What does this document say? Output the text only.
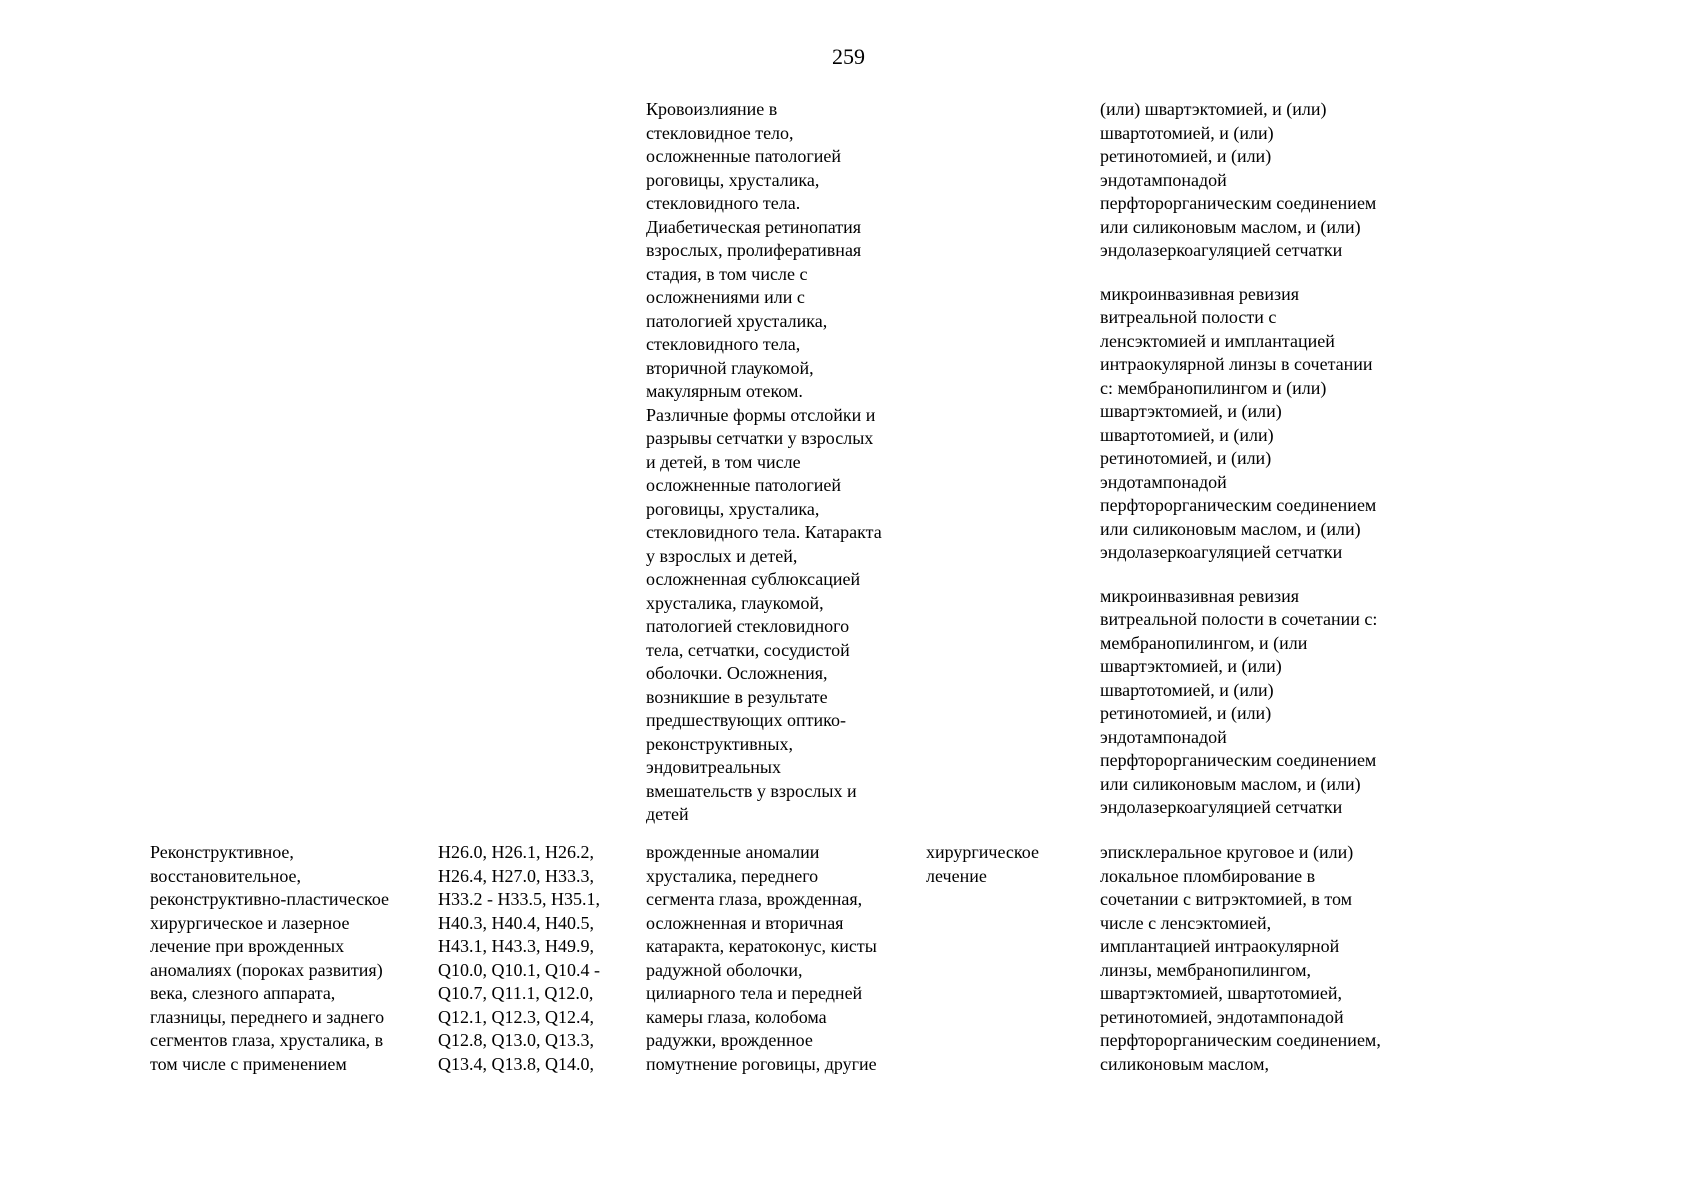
259
Кровоизлияние в
стекловидное тело,
осложненные патологией
роговицы, хрусталика,
стекловидного тела.
Диабетическая ретинопатия
взрослых, пролиферативная
стадия, в том числе с
осложнениями или с
патологией хрусталика,
стекловидного тела,
вторичной глаукомой,
макулярным отеком.
Различные формы отслойки и
разрывы сетчатки у взрослых
и детей, в том числе
осложненные патологией
роговицы, хрусталика,
стекловидного тела. Катаракта
у взрослых и детей,
осложненная сублюксацией
хрусталика, глаукомой,
патологией стекловидного
тела, сетчатки, сосудистой
оболочки. Осложнения,
возникшие в результате
предшествующих оптико-
реконструктивных,
эндовитреальных
вмешательств у взрослых и
детей
(или) швартэктомией, и (или)
швартотомией, и (или)
ретинотомией, и (или)
эндотампонадой
перфторорганическим соединением
или силиконовым маслом, и (или)
эндолазеркоагуляцией сетчатки
микроинвазивная ревизия
витреальной полости с
ленсэктомией и имплантацией
интраокулярной линзы в сочетании
с: мембранопилингом и (или)
швартэктомией, и (или)
швартотомией, и (или)
ретинотомией, и (или)
эндотампонадой
перфторорганическим соединением
или силиконовым маслом, и (или)
эндолазеркоагуляцией сетчатки
микроинвазивная ревизия
витреальной полости в сочетании с:
мембранопилингом, и (или
швартэктомией, и (или)
швартотомией, и (или)
ретинотомией, и (или)
эндотампонадой
перфторорганическим соединением
или силиконовым маслом, и (или)
эндолазеркоагуляцией сетчатки
Реконструктивное,
восстановительное,
реконструктивно-пластическое
хирургическое и лазерное
лечение при врожденных
аномалиях (пороках развития)
века, слезного аппарата,
глазницы, переднего и заднего
сегментов глаза, хрусталика, в
том числе с применением
H26.0, H26.1, H26.2,
H26.4, H27.0, H33.3,
H33.2 - H33.5, H35.1,
H40.3, H40.4, H40.5,
H43.1, H43.3, H49.9,
Q10.0, Q10.1, Q10.4 -
Q10.7, Q11.1, Q12.0,
Q12.1, Q12.3, Q12.4,
Q12.8, Q13.0, Q13.3,
Q13.4, Q13.8, Q14.0,
врожденные аномалии
хрусталика, переднего
сегмента глаза, врожденная,
осложненная и вторичная
катаракта, кератоконус, кисты
радужной оболочки,
цилиарного тела и передней
камеры глаза, колобома
радужки, врожденное
помутнение роговицы, другие
хирургическое
лечение
эписклеральное круговое и (или)
локальное пломбирование в
сочетании с витрэктомией, в том
числе с ленсэктомией,
имплантацией интраокулярной
линзы, мембранопилингом,
швартэктомией, швартотомией,
ретинотомией, эндотампонадой
перфторорганическим соединением,
силиконовым маслом,
